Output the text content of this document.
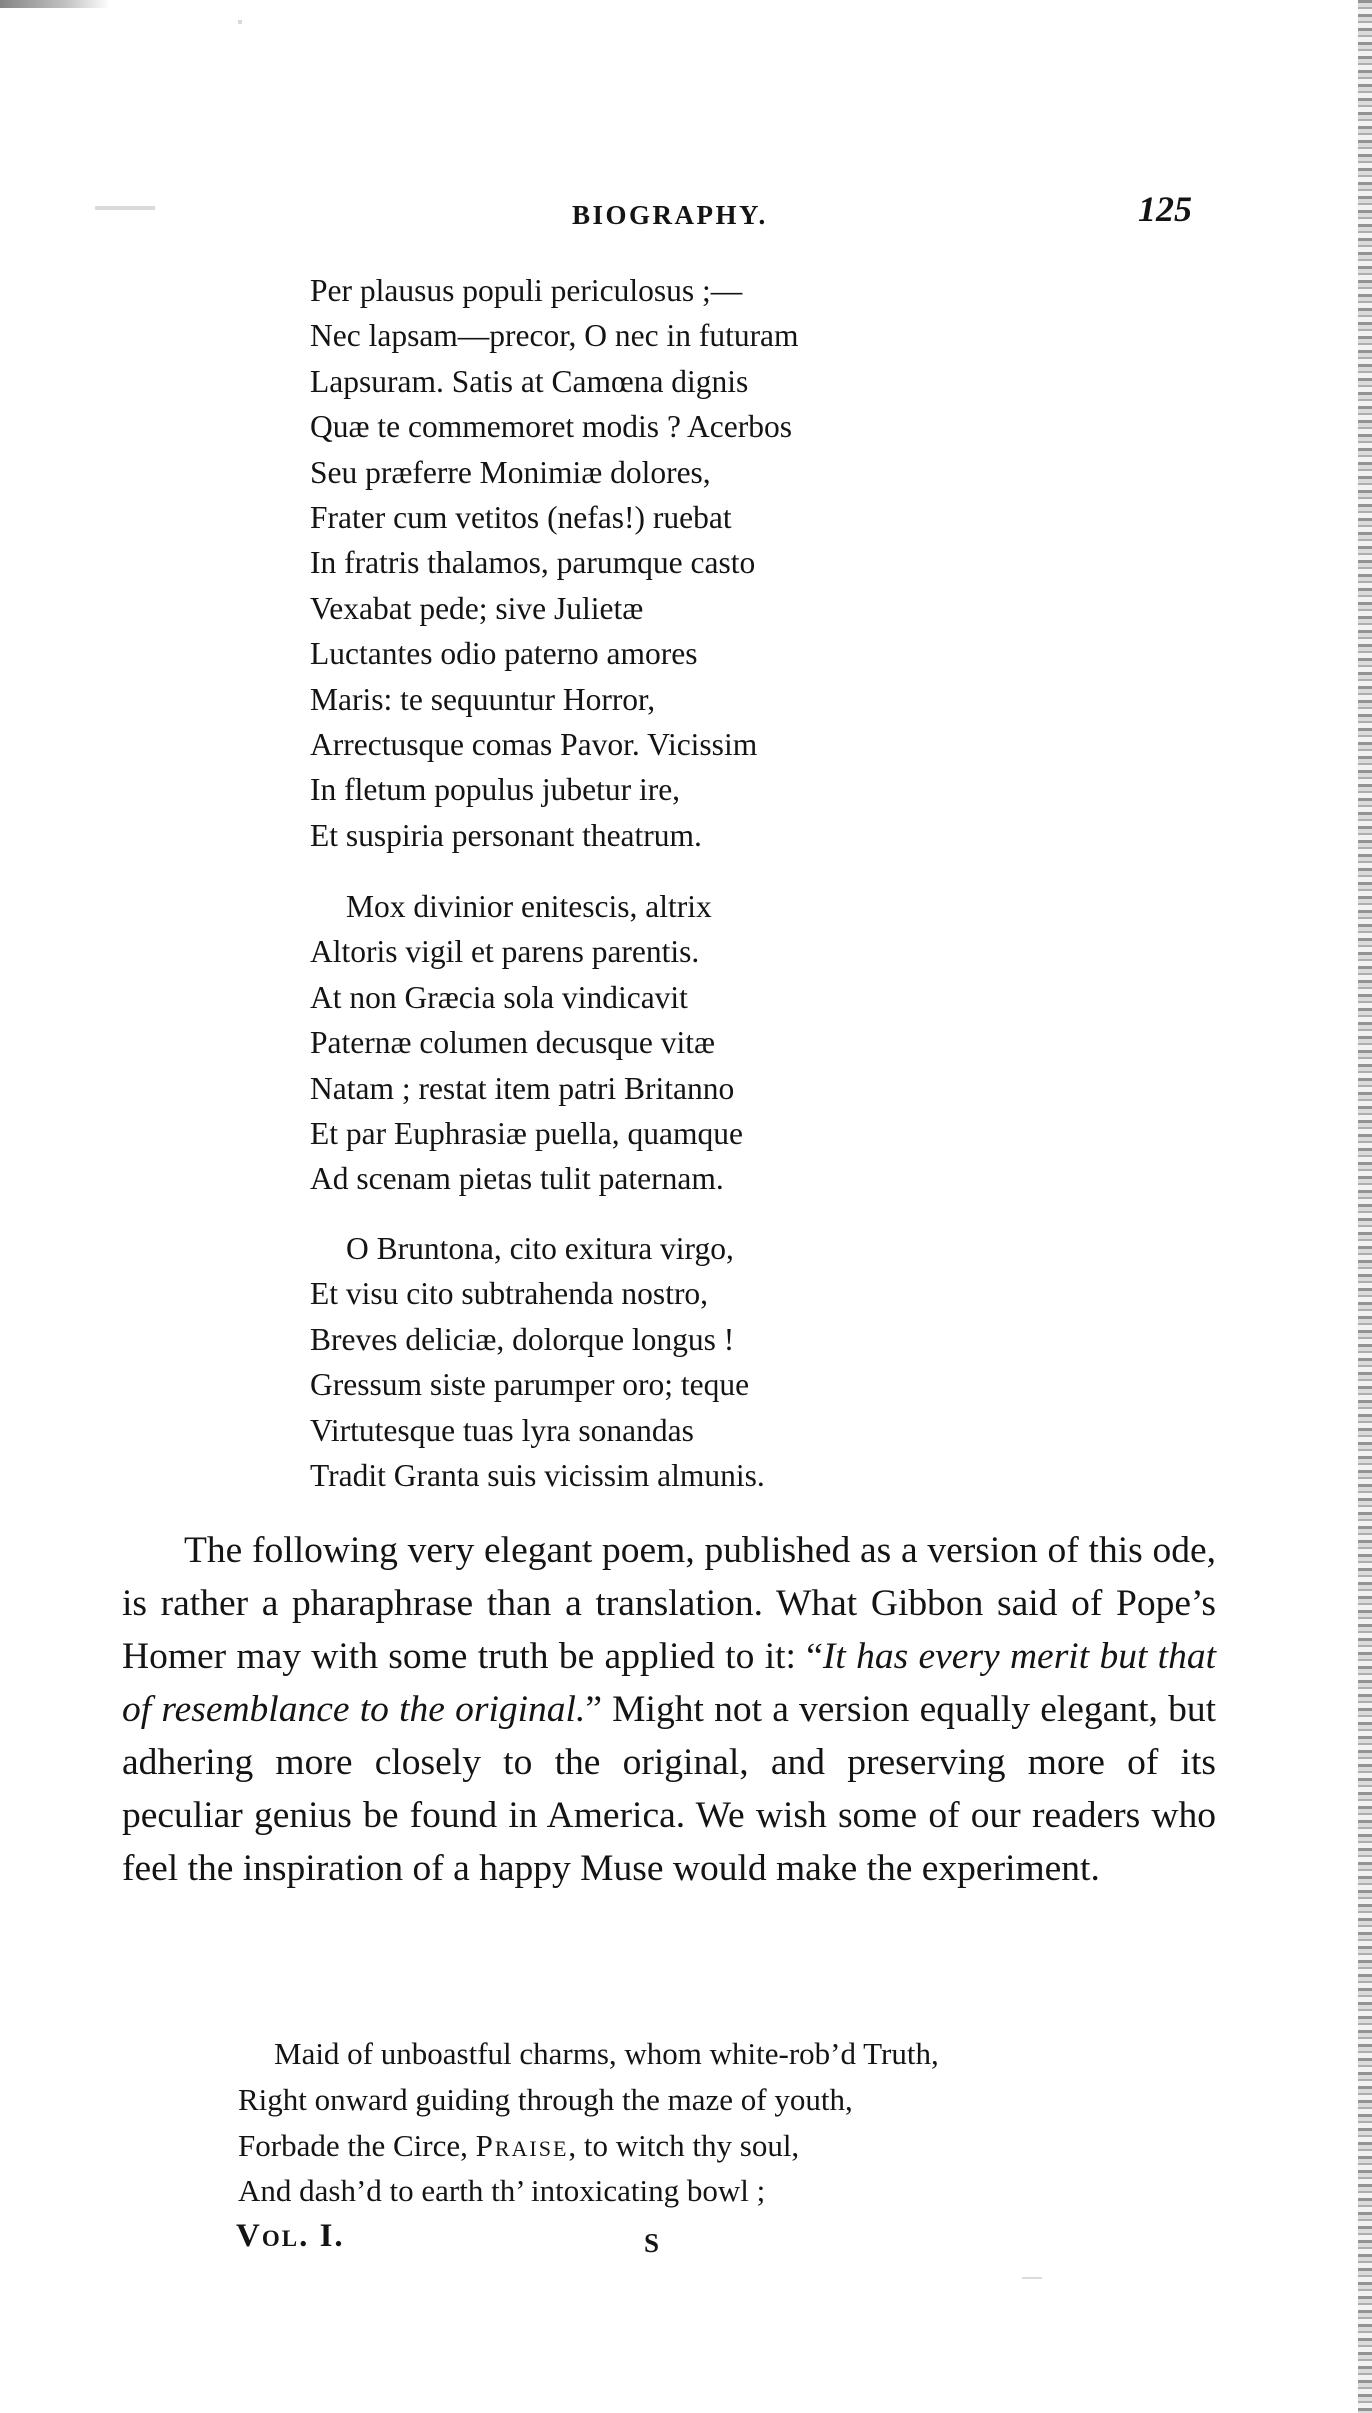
BIOGRAPHY.	125
Per plausus populi periculosus ;—
Nec lapsam—precor, O nec in futuram
Lapsuram. Satis at Camœna dignis
Quæ te commemoret modis ? Acerbos
Seu præferre Monimiæ dolores,
Frater cum vetitos (nefas!) ruebat
In fratris thalamos, parumque casto
Vexabat pede; sive Julietæ
Luctantes odio paterno amores
Maris: te sequuntur Horror,
Arrectusque comas Pavor. Vicissim
In fletum populus jubetur ire,
Et suspiria personant theatrum.
Mox divinior enitescis, altrix
Altoris vigil et parens parentis.
At non Græcia sola vindicavit
Paternæ columen decusque vitæ
Natam ; restat item patri Britanno
Et par Euphrasiæ puella, quamque
Ad scenam pietas tulit paternam.
O Bruntona, cito exitura virgo,
Et visu cito subtrahenda nostro,
Breves deliciæ, dolorque longus !
Gressum siste parumper oro; teque
Virtutesque tuas lyra sonandas
Tradit Granta suis vicissim almunis.

The following very elegant poem, published as a version of this ode, is rather a pharaphrase than a translation. What Gibbon said of Pope’s Homer may with some truth be applied to it: “It has every merit but that of resemblance to the original.” Might not a version equally elegant, but adhering more closely to the original, and preserving more of its peculiar genius be found in America. We wish some of our readers who feel the inspiration of a happy Muse would make the experiment.

Maid of unboastful charms, whom white-rob’d Truth,
Right onward guiding through the maze of youth,
Forbade the Circe, Praise, to witch thy soul,
And dash’d to earth th’ intoxicating bowl ;
Vol. I.	S
